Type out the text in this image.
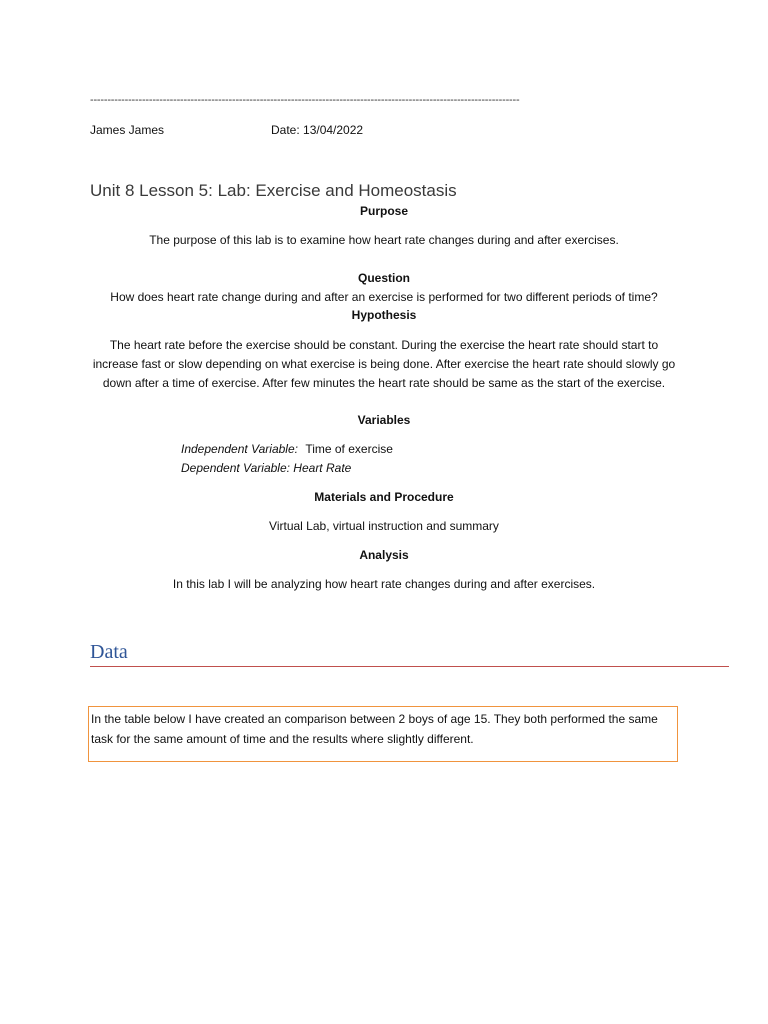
----------------------------------------------------------------------------------------------------------------------------
James James	Date: 13/04/2022
Unit 8 Lesson 5: Lab: Exercise and Homeostasis
Purpose
The purpose of this lab is to examine how heart rate changes during and after exercises.
Question
How does heart rate change during and after an exercise is performed for two different periods of time?
Hypothesis
The heart rate before the exercise should be constant. During the exercise the heart rate should start to increase fast or slow depending on what exercise is being done. After exercise the heart rate should slowly go down after a time of exercise. After few minutes the heart rate should be same as the start of the exercise.
Variables
Independent Variable: Time of exercise
Dependent Variable: Heart Rate
Materials and Procedure
Virtual Lab, virtual instruction and summary
Analysis
In this lab I will be analyzing how heart rate changes during and after exercises.
Data
In the table below I have created an comparison between 2 boys of age 15. They both performed the same task for the same amount of time and the results where slightly different.
